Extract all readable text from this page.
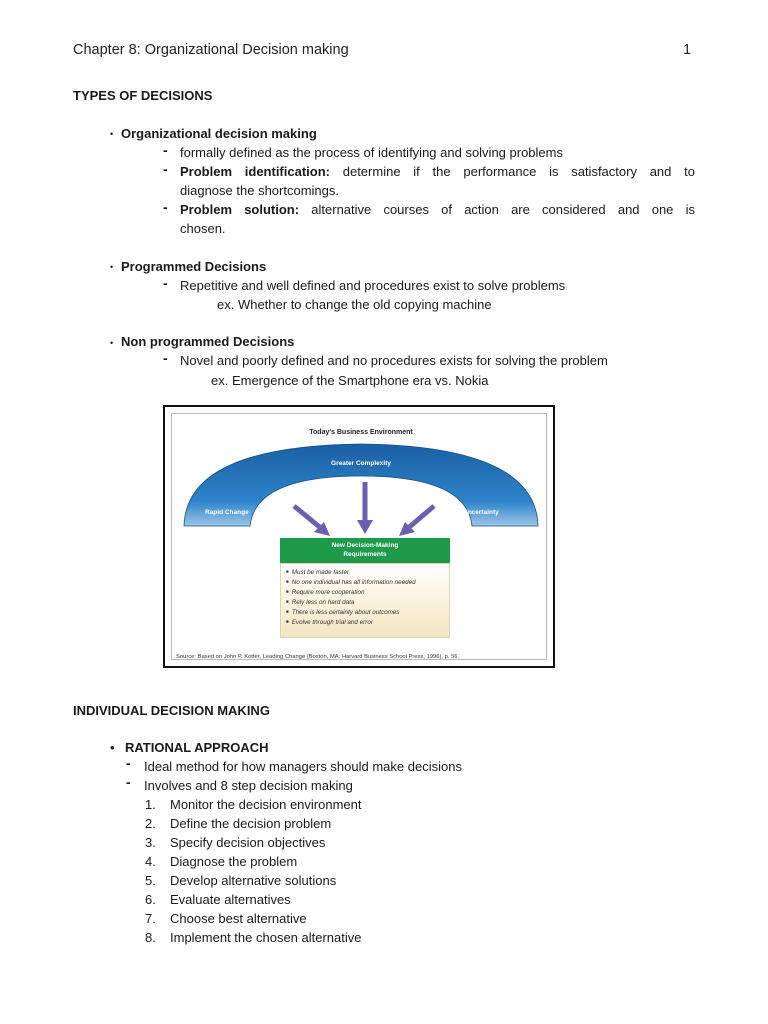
Chapter 8: Organizational Decision making	1
TYPES OF DECISIONS
• Organizational decision making
- formally defined as the process of identifying and solving problems
- Problem identification: determine if the performance is satisfactory and to
diagnose the shortcomings.
- Problem solution: alternative courses of action are considered and one is
chosen.
• Programmed Decisions
- Repetitive and well defined and procedures exist to solve problems
ex. Whether to change the old copying machine
• Non programmed Decisions
- Novel and poorly defined and no procedures exists for solving the problem
ex. Emergence of the Smartphone era vs. Nokia
Today's Business Environment
Greater Complexity
Rapid Change	Uncertainty
New Decision-Making
Requirements
■ Must be made faster
■ No one individual has all information needed
■ Require more cooperation
■ Rely less on hard data
■ There is less certainty about outcomes
■ Evolve through trial and error
Source: Based on John P. Kotter, Leading Change (Boston, MA: Harvard Business School Press, 1996), p. 56.
INDIVIDUAL DECISION MAKING
• RATIONAL APPROACH
- Ideal method for how managers should make decisions
- Involves and 8 step decision making
1. Monitor the decision environment
2. Define the decision problem
3. Specify decision objectives
4. Diagnose the problem
5. Develop alternative solutions
6. Evaluate alternatives
7. Choose best alternative
8. Implement the chosen alternative
